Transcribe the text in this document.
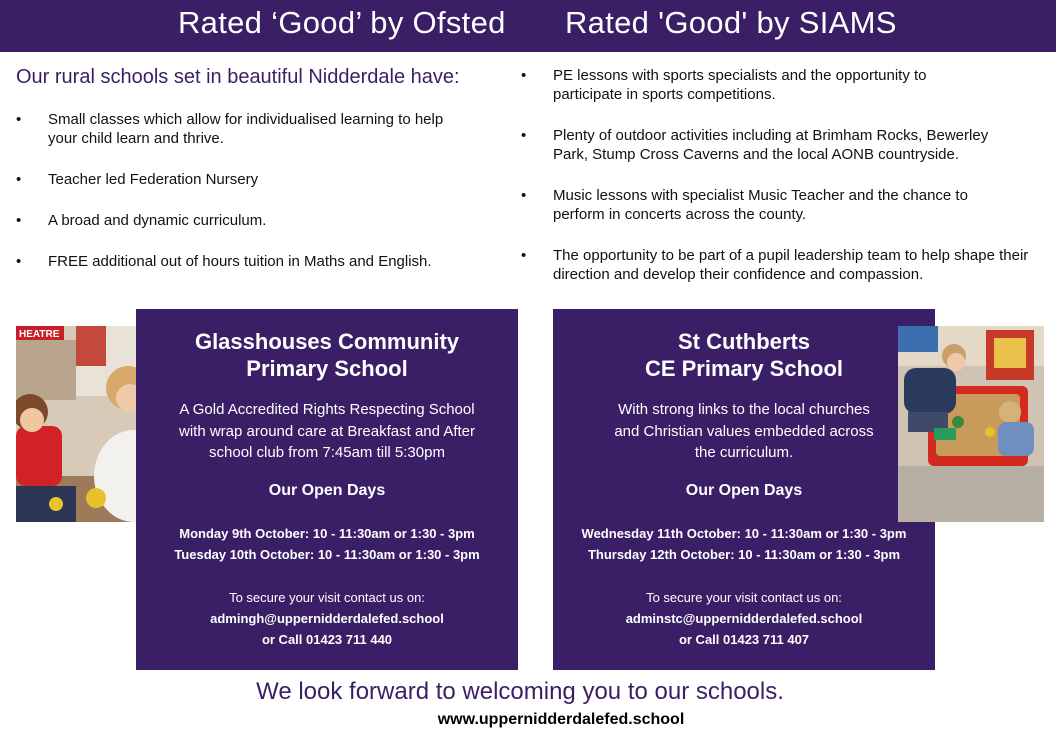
Rated ‘Good’ by Ofsted Rated 'Good' by SIAMS
Our rural schools set in beautiful Nidderdale have:
• Small classes which allow for individualised learning to help your child learn and thrive.
• Teacher led Federation Nursery
• A broad and dynamic curriculum.
• FREE additional out of hours tuition in Maths and English.
• PE lessons with sports specialists and the opportunity to participate in sports competitions.
• Plenty of outdoor activities including at Brimham Rocks, Bewerley Park, Stump Cross Caverns and the local AONB countryside.
• Music lessons with specialist Music Teacher and the chance to perform in concerts across the county.
• The opportunity to be part of a pupil leadership team to help shape their direction and develop their confidence and compassion.
HEATRE	Glasshouses Community
Primary School
A Gold Accredited Rights Respecting School
with wrap around care at Breakfast and After
school club from 7:45am till 5:30pm
Our Open Days
Monday 9th October: 10 - 11:30am or 1:30 - 3pm
Tuesday 10th October: 10 - 11:30am or 1:30 - 3pm
To secure your visit contact us on:
admingh@uppernidderdalefed.school
or Call 01423 711 440
St Cuthberts
CE Primary School
With strong links to the local churches
and Christian values embedded across
the curriculum.
Our Open Days
Wednesday 11th October: 10 - 11:30am or 1:30 - 3pm
Thursday 12th October: 10 - 11:30am or 1:30 - 3pm
To secure your visit contact us on:
adminstc@uppernidderdalefed.school
or Call 01423 711 407
We look forward to welcoming you to our schools.
www.uppernidderdalefed.school
